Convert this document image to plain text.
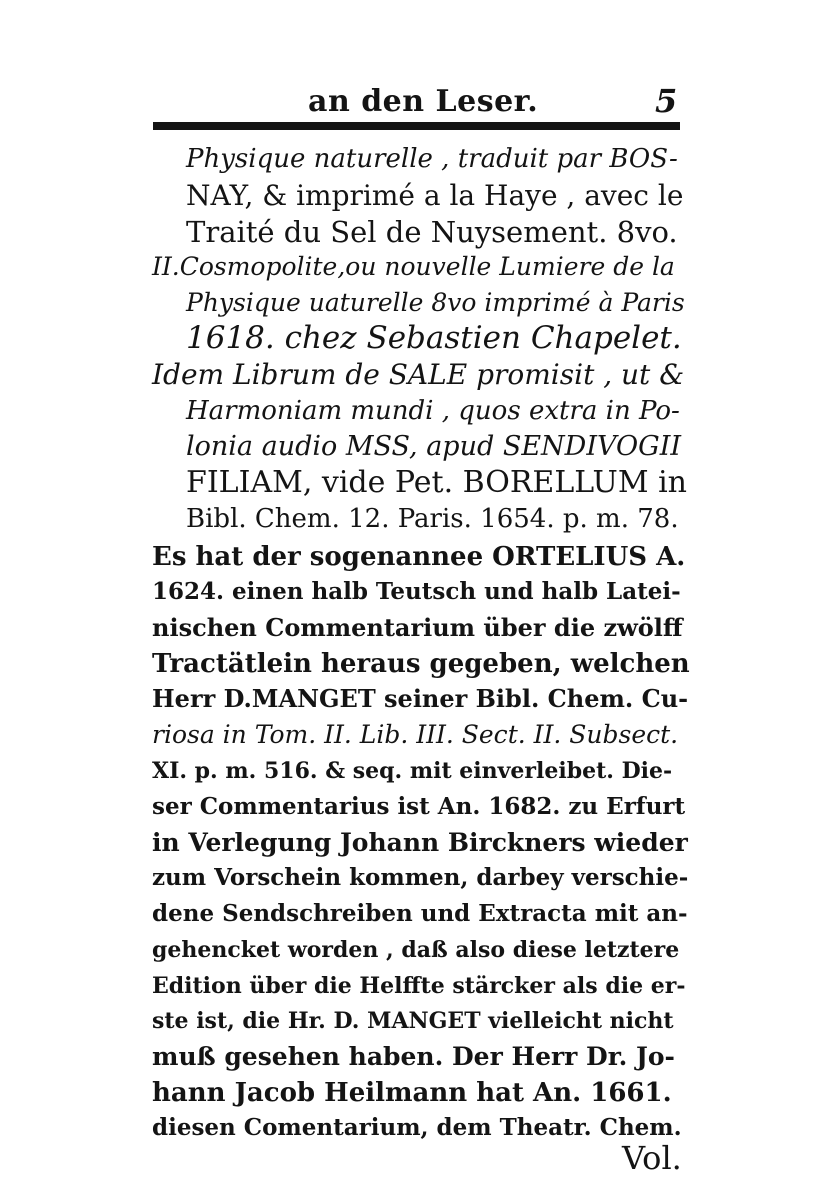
an den Leser.	5
Physique naturelle , traduit par BOS-
NAY, & imprimé a la Haye , avec le
Traité du Sel de Nuysement. 8vo.
II.Cosmopolite,ou nouvelle Lumiere de la
Physique uaturelle 8vo imprimé à Paris
1618. chez Sebastien Chapelet.
Idem Librum de SALE promisit , ut &
Harmoniam mundi , quos extra in Po-
lonia audio MSS, apud SENDIVOGII
FILIAM, vide Pet. BORELLUM in
Bibl. Chem. 12. Paris. 1654. p. m. 78.
Es hat der sogenannee ORTELIUS A.
1624. einen halb Teutsch und halb Latei-
nischen Commentarium über die zwölff
Tractätlein heraus gegeben, welchen
Herr D.MANGET seiner Bibl. Chem. Cu-
riosa in Tom. II. Lib. III. Sect. II. Subsect.
XI. p. m. 516. & seq. mit einverleibet. Die-
ser Commentarius ist An. 1682. zu Erfurt
in Verlegung Johann Birckners wieder
zum Vorschein kommen, darbey verschie-
dene Sendschreiben und Extracta mit an-
gehencket worden , daß also diese letztere
Edition über die Helffte stärcker als die er-
ste ist, die Hr. D. MANGET vielleicht nicht
muß gesehen haben. Der Herr Dr. Jo-
hann Jacob Heilmann hat An. 1661.
diesen Comentarium, dem Theatr. Chem.
Vol.
